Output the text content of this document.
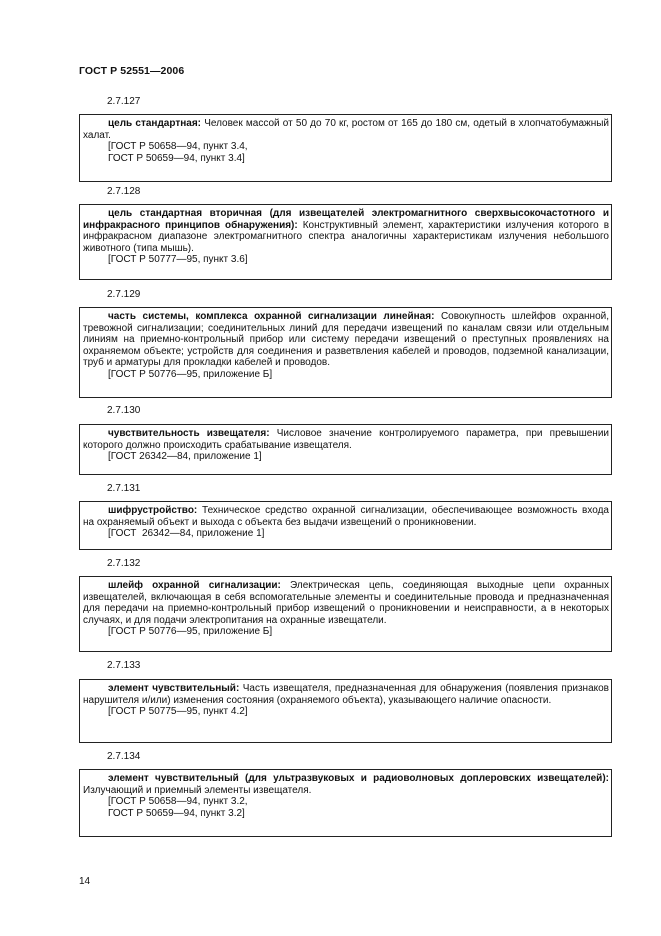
ГОСТ Р 52551—2006
2.7.127

цель стандартная: Человек массой от 50 до 70 кг, ростом от 165 до 180 см, одетый в хлопчатобумажный халат.

[ГОСТ Р 50658—94, пункт 3.4,
ГОСТ Р 50659—94, пункт 3.4]
2.7.128

цель стандартная вторичная (для извещателей электромагнитного сверхвысокочастотного и инфракрасного принципов обнаружения): Конструктивный элемент, характеристики излучения которого в инфракрасном диапазоне электромагнитного спектра аналогичны характеристикам излучения небольшого животного (типа мышь).

[ГОСТ Р 50777—95, пункт 3.6]
2.7.129

часть системы, комплекса охранной сигнализации линейная: Совокупность шлейфов охранной, тревожной сигнализации; соединительных линий для передачи извещений по каналам связи или отдельным линиям на приемно-контрольный прибор или систему передачи извещений о преступных проявлениях на охраняемом объекте; устройств для соединения и разветвления кабелей и проводов, подземной канализации, труб и арматуры для прокладки кабелей и проводов.

[ГОСТ Р 50776—95, приложение Б]
2.7.130

чувствительность извещателя: Числовое значение контролируемого параметра, при превышении которого должно происходить срабатывание извещателя.

[ГОСТ 26342—84, приложение 1]
2.7.131

шифрустройство: Техническое средство охранной сигнализации, обеспечивающее возможность входа на охраняемый объект и выхода с объекта без выдачи извещений о проникновении.

[ГОСТ  26342—84, приложение 1]
2.7.132

шлейф охранной сигнализации: Электрическая цепь, соединяющая выходные цепи охранных извещателей, включающая в себя вспомогательные элементы и соединительные провода и предназначенная для передачи на приемно-контрольный прибор извещений о проникновении и неисправности, а в некоторых случаях, и для подачи электропитания на охранные извещатели.

[ГОСТ Р 50776—95, приложение Б]
2.7.133

элемент чувствительный: Часть извещателя, предназначенная для обнаружения (появления признаков нарушителя и/или) изменения состояния (охраняемого объекта), указывающего наличие опасности.

[ГОСТ Р 50775—95, пункт 4.2]
2.7.134

элемент чувствительный (для ультразвуковых и радиоволновых доплеровских извещателей): Излучающий и приемный элементы извещателя.

[ГОСТ Р 50658—94, пункт 3.2,
ГОСТ Р 50659—94, пункт 3.2]
14
